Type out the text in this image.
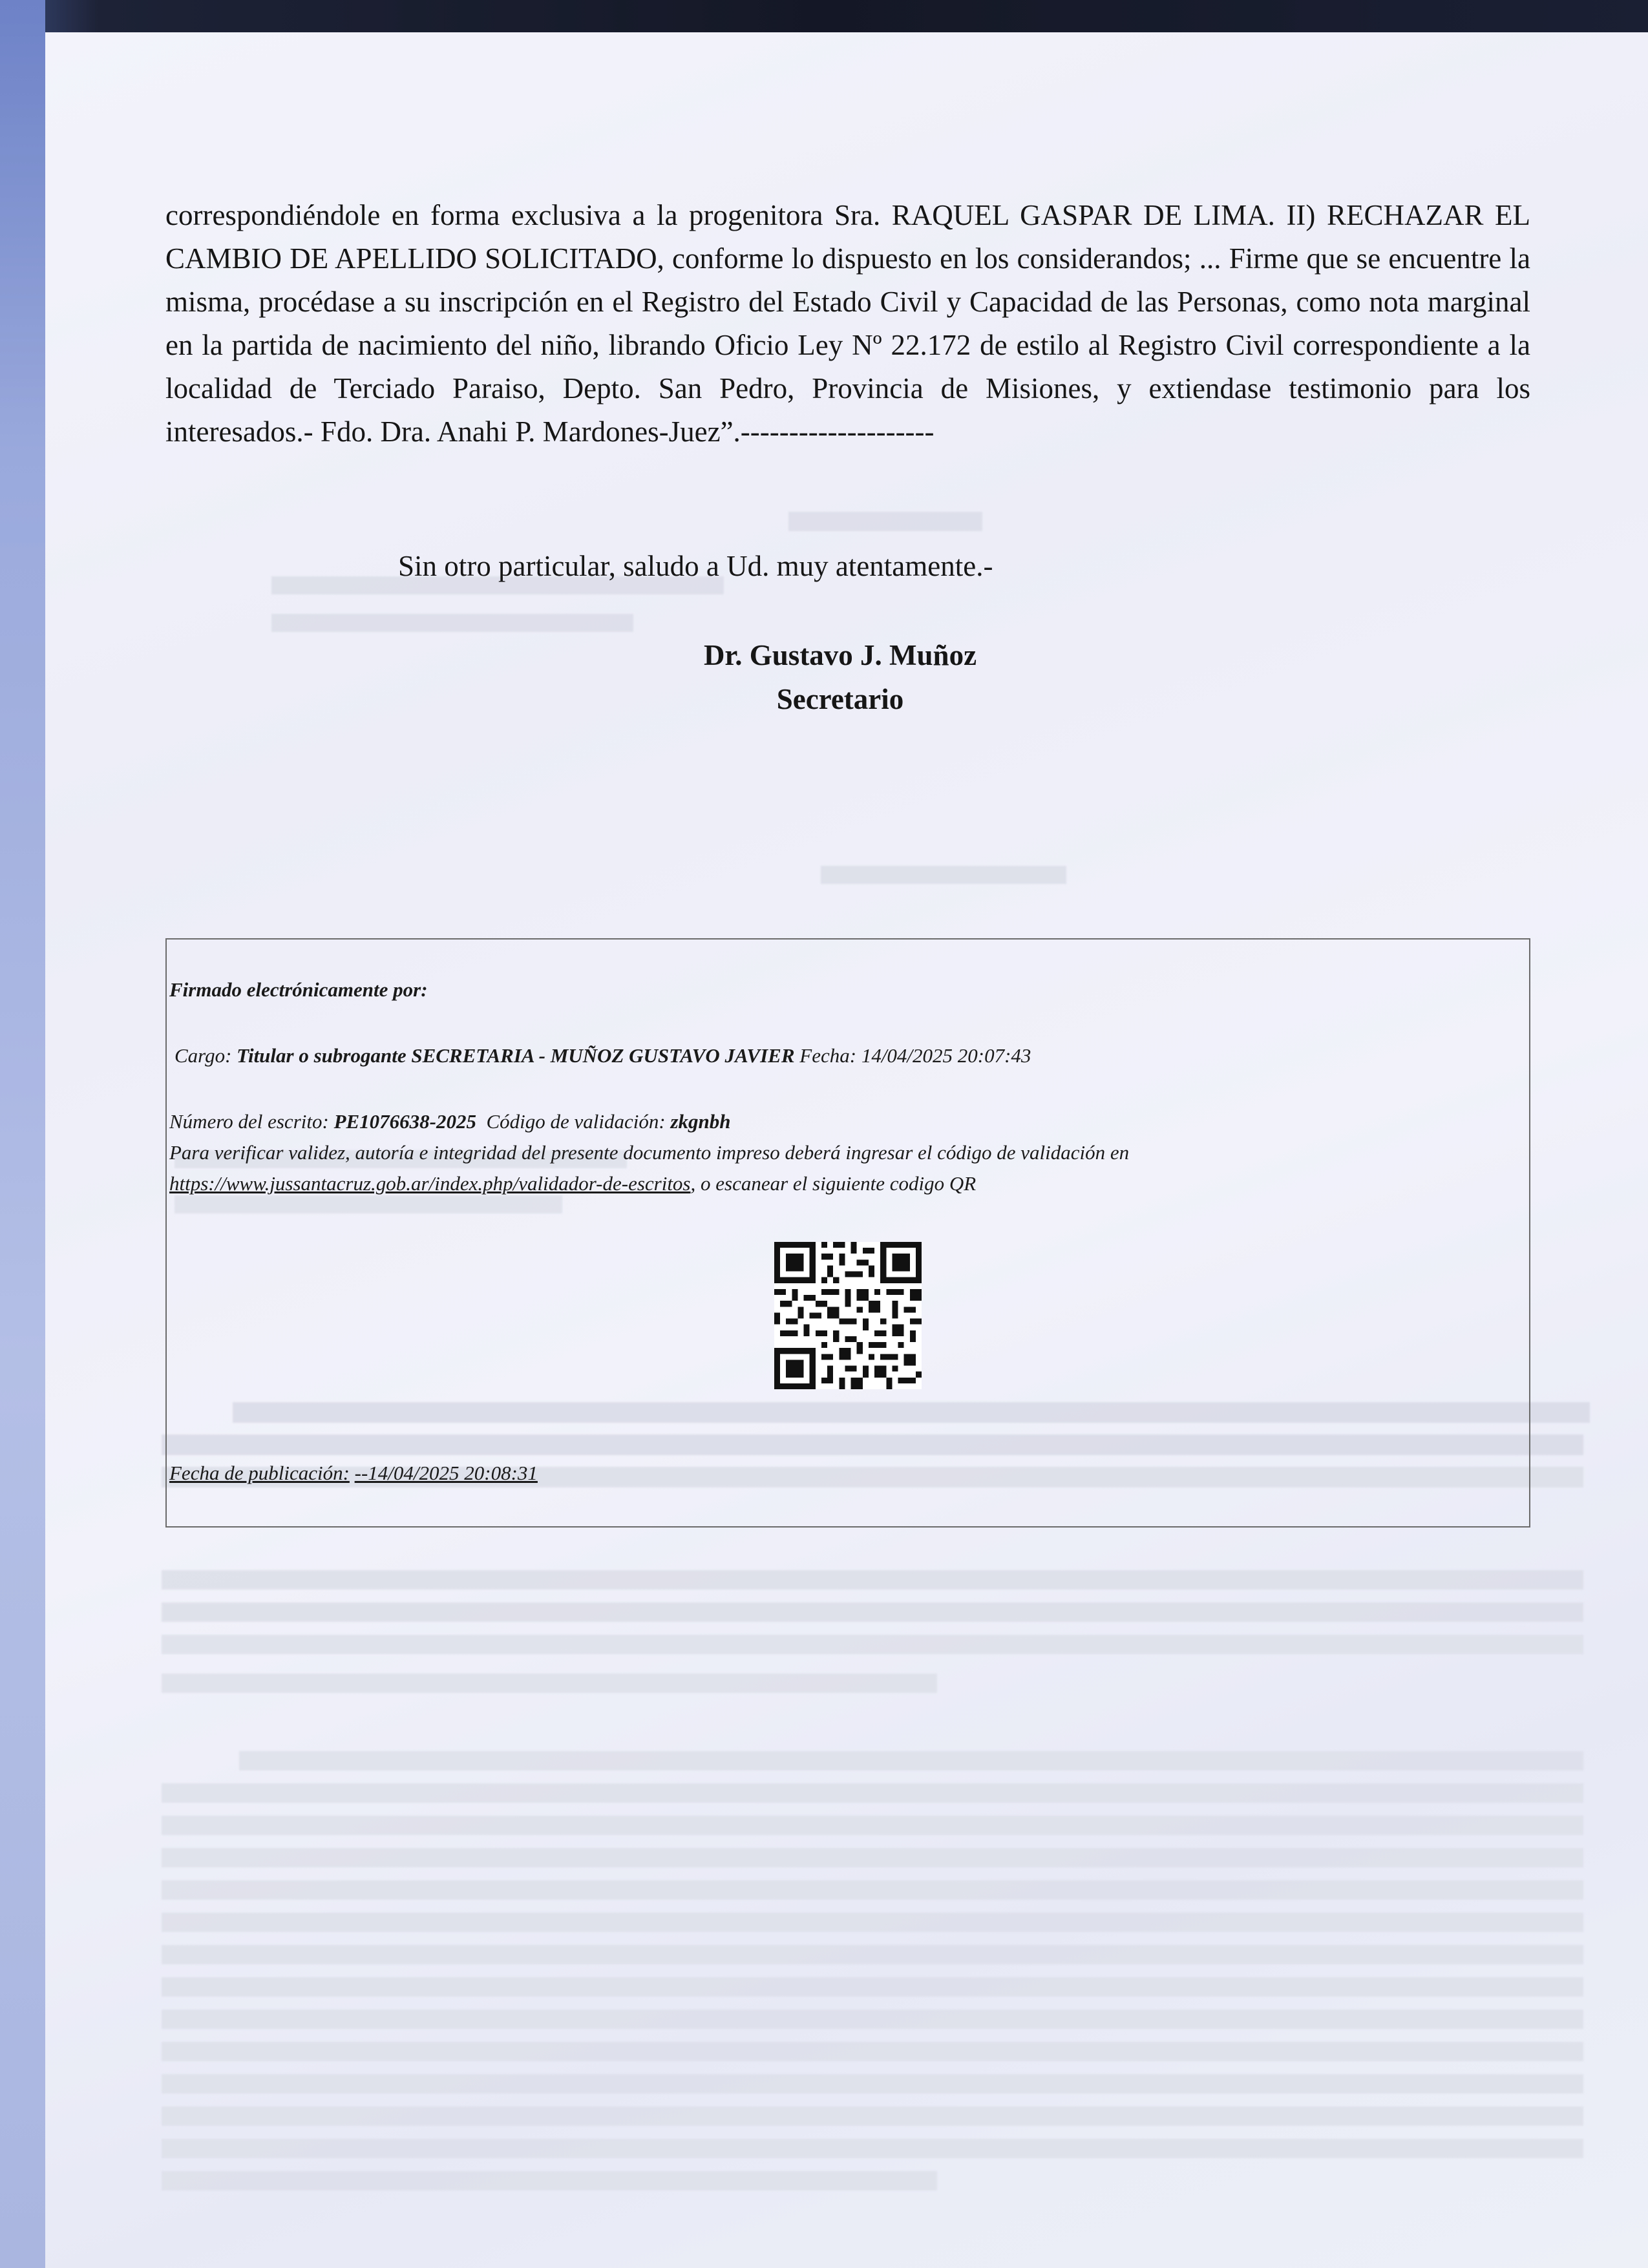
correspondiéndole en forma exclusiva a la progenitora Sra. RAQUEL GASPAR DE LIMA. II) RECHAZAR EL CAMBIO DE APELLIDO SOLICITADO, conforme lo dispuesto en los considerandos; ... Firme que se encuentre la misma, procédase a su inscripción en el Registro del Estado Civil y Capacidad de las Personas, como nota marginal en la partida de nacimiento del niño, librando Oficio Ley Nº 22.172 de estilo al Registro Civil correspondiente a la localidad de Terciado Paraiso, Depto. San Pedro, Provincia de Misiones, y extiendase testimonio para los interesados.- Fdo. Dra. Anahi P. Mardones-Juez”.--------------------

Sin otro particular, saludo a Ud. muy atentamente.-
Dr. Gustavo J. Muñoz
Secretario
Firmado electrónicamente por:
Cargo: Titular o subrogante SECRETARIA - MUÑOZ GUSTAVO JAVIER Fecha: 14/04/2025 20:07:43
Número del escrito: PE1076638-2025 Código de validación: zkgnbh
Para verificar validez, autoría e integridad del presente documento impreso deberá ingresar el código de validación en
https://www.jussantacruz.gob.ar/index.php/validador-de-escritos, o escanear el siguiente codigo QR
Fecha de publicación: --14/04/2025 20:08:31
